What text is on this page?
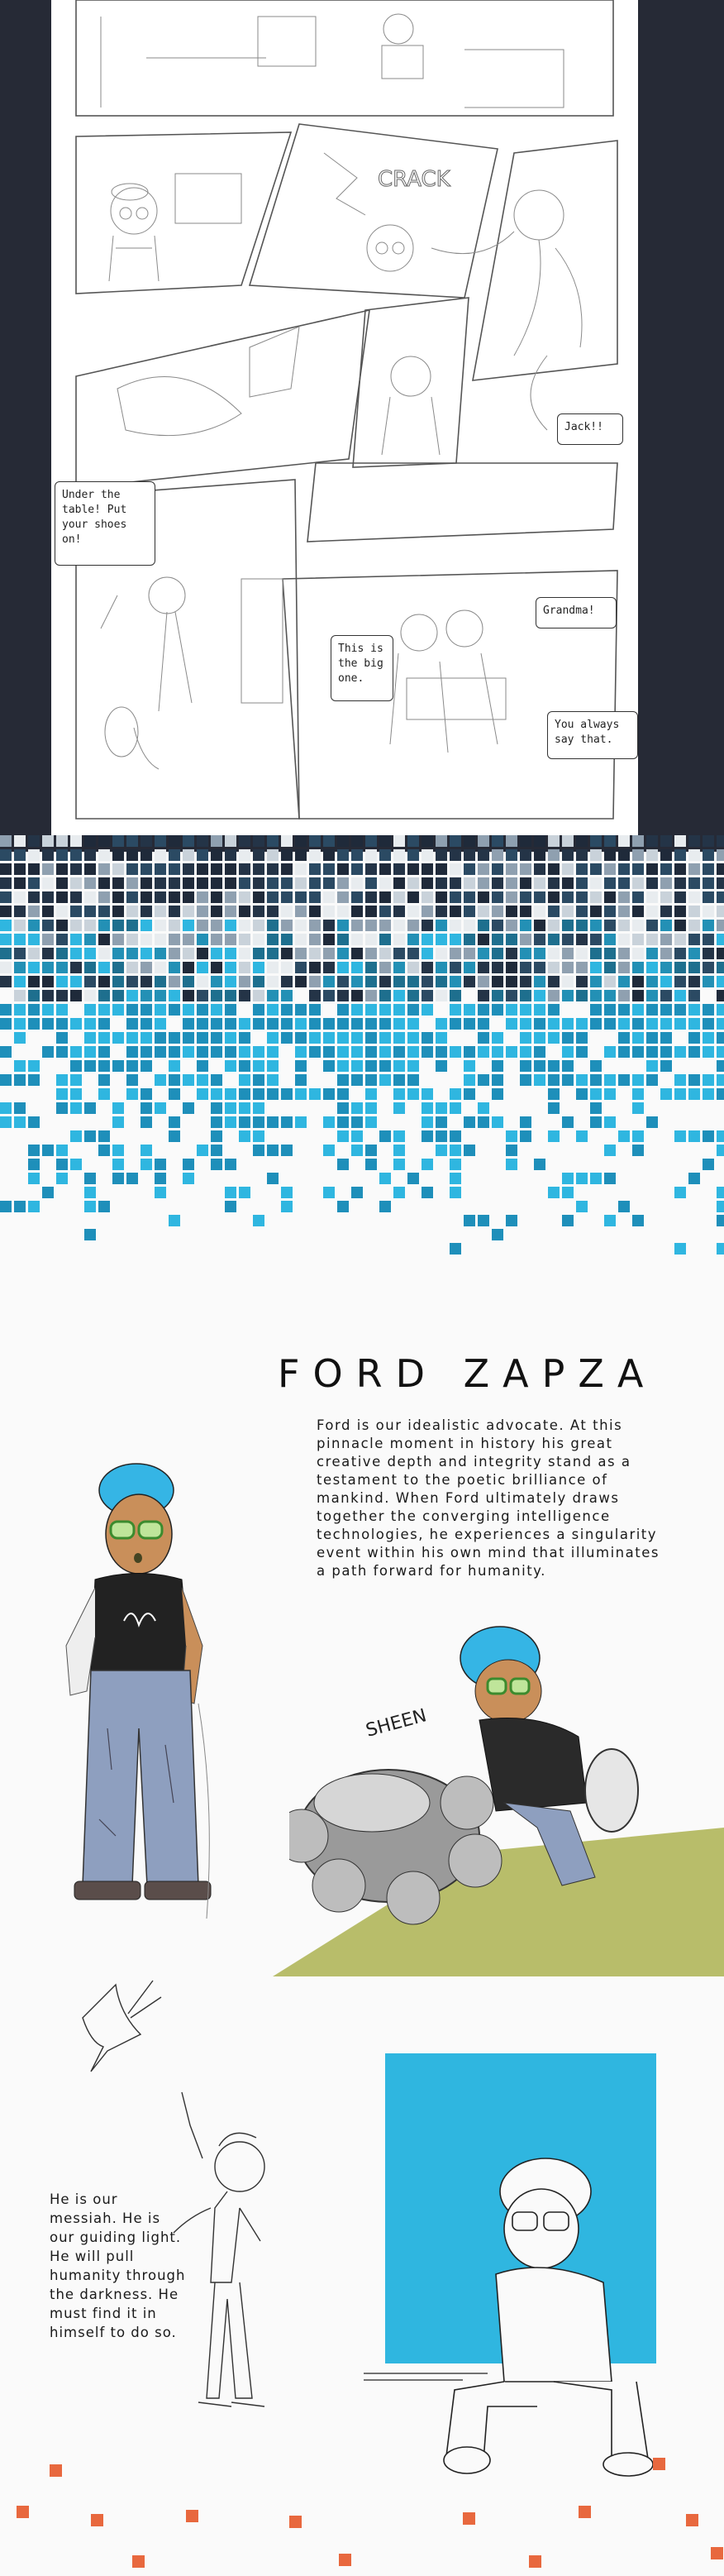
CRACK
Jack!!
Under the
table! Put
your shoes
on!
Grandma!
This is
the big
one.
You always
say that.
FORD ZAPZA
Ford is our idealistic advocate. At this pinnacle moment in history his great creative depth and integrity stand as a testament to the poetic brilliance of mankind. When Ford ultimately draws together the converging intelligence technologies, he experiences a singularity event within his own mind that illuminates a path forward for humanity.
SHEEN
He is our
messiah. He is
our guiding light.
He will pull
humanity through
the darkness. He
must find it in
himself to do so.
